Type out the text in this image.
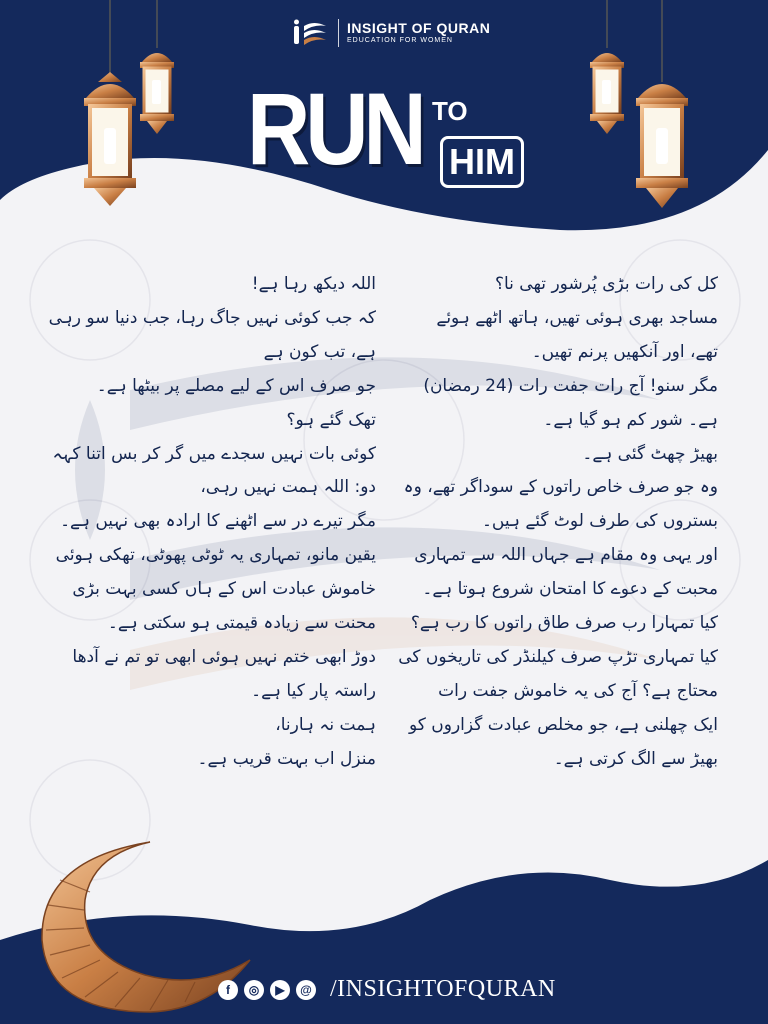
INSIGHT OF QURAN
EDUCATION FOR WOMEN
RUN TO
HIM

کل کی رات بڑی پُرشور تھی نا؟

مساجد بھری ہوئی تھیں، ہاتھ اٹھے ہوئے

تھے، اور آنکھیں پرنم تھیں۔

مگر سنو! آج رات جفت رات (24 رمضان)

ہے۔ شور کم ہو گیا ہے۔

بھیڑ چھٹ گئی ہے۔

وہ جو صرف خاص راتوں کے سوداگر تھے، وہ

بستروں کی طرف لوٹ گئے ہیں۔

اور یہی وہ مقام ہے جہاں اللہ سے تمہاری

محبت کے دعوے کا امتحان شروع ہوتا ہے۔

کیا تمہارا رب صرف طاق راتوں کا رب ہے؟

کیا تمہاری تڑپ صرف کیلنڈر کی تاریخوں کی

محتاج ہے؟ آج کی یہ خاموش جفت رات

ایک چھلنی ہے، جو مخلص عبادت گزاروں کو

بھیڑ سے الگ کرتی ہے۔

اللہ دیکھ رہا ہے!

کہ جب کوئی نہیں جاگ رہا، جب دنیا سو رہی

ہے، تب کون ہے

جو صرف اس کے لیے مصلے پر بیٹھا ہے۔

تھک گئے ہو؟

کوئی بات نہیں سجدے میں گر کر بس اتنا کہہ

دو: اللہ ہمت نہیں رہی،

مگر تیرے در سے اٹھنے کا ارادہ بھی نہیں ہے۔

یقین مانو، تمہاری یہ ٹوٹی پھوٹی، تھکی ہوئی

خاموش عبادت اس کے ہاں کسی بہت بڑی

محنت سے زیادہ قیمتی ہو سکتی ہے۔

دوڑ ابھی ختم نہیں ہوئی ابھی تو تم نے آدھا

راستہ پار کیا ہے۔

ہمت نہ ہارنا،

منزل اب بہت قریب ہے۔

f	◎	▶	@ /INSIGHTOFQURAN
